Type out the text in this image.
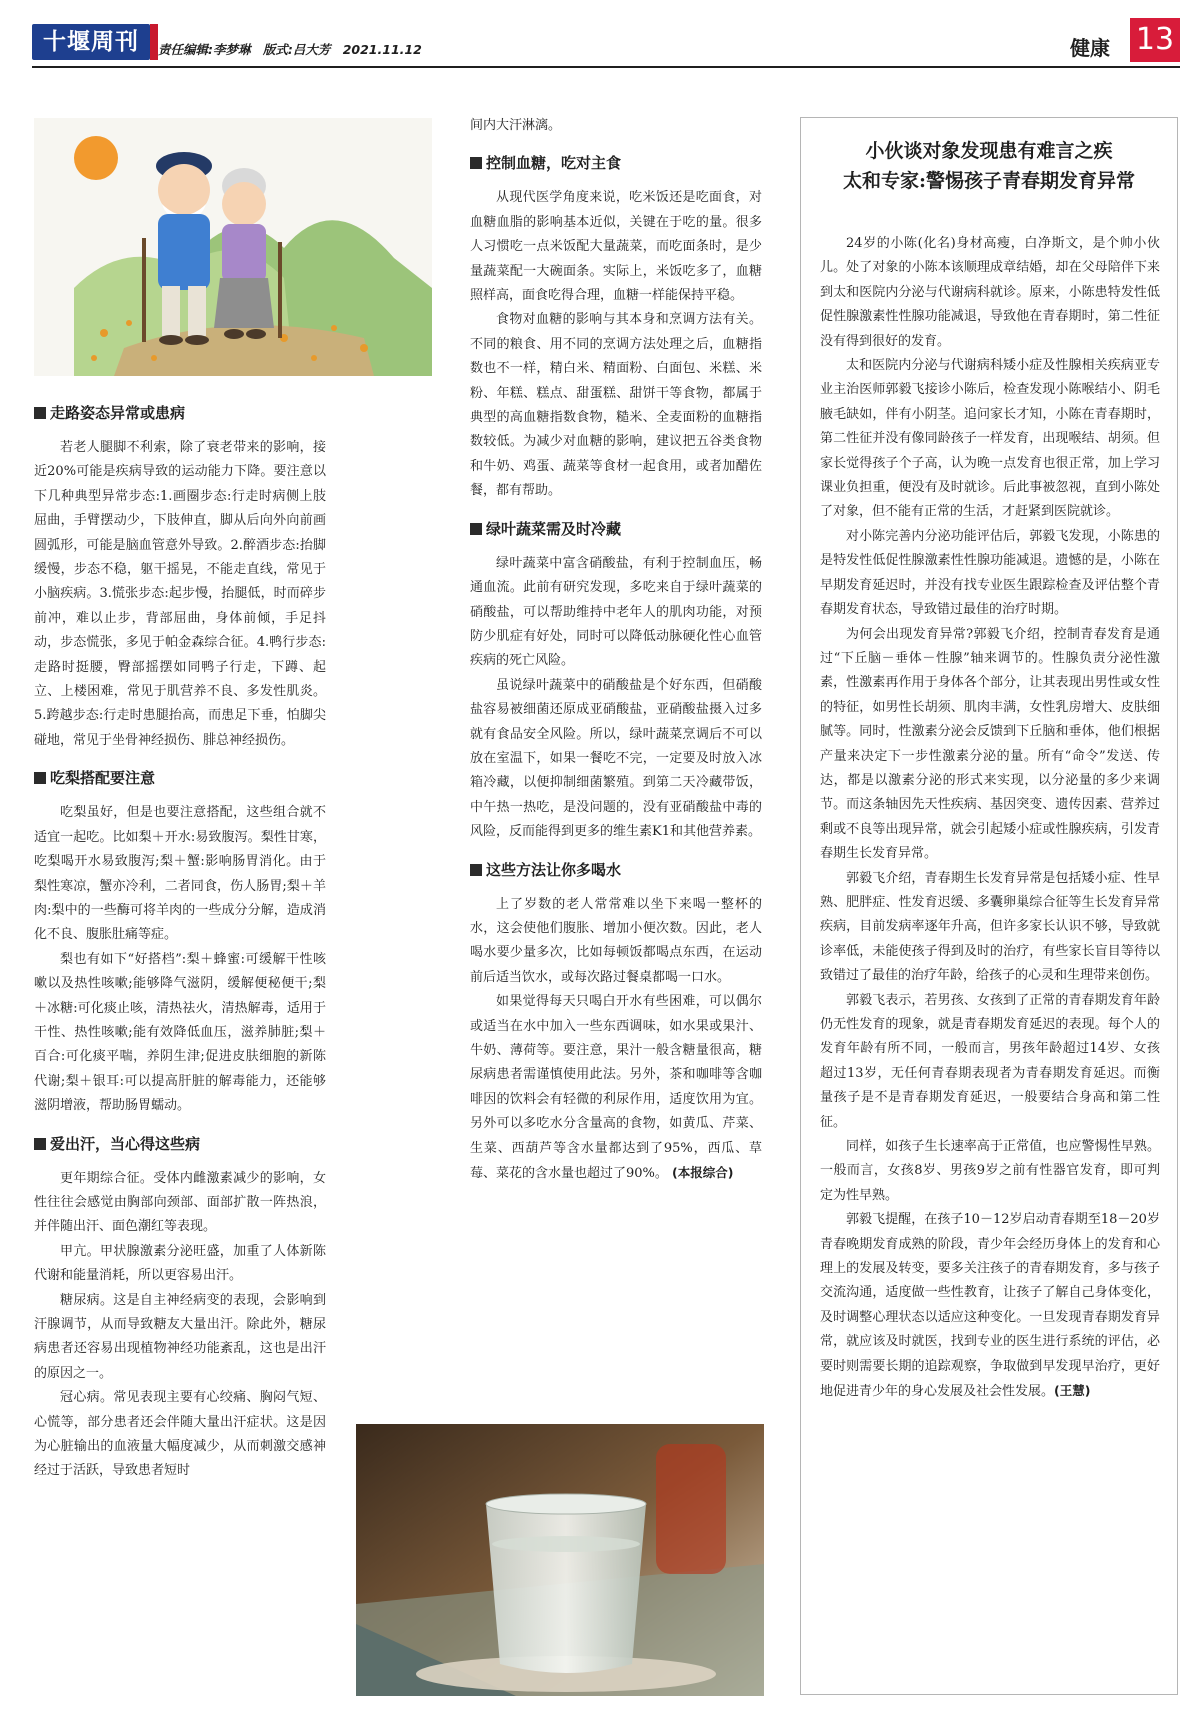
十堰周刊	责任编辑:李梦琳 版式:吕大芳 2021.11.12	健康 13
走路姿态异常或患病

若老人腿脚不利索，除了衰老带来的影响，接近20%可能是疾病导致的运动能力下降。要注意以下几种典型异常步态:1.画圈步态:行走时病侧上肢屈曲，手臂摆动少，下肢伸直，脚从后向外向前画圆弧形，可能是脑血管意外导致。2.醉酒步态:抬脚缓慢，步态不稳，躯干摇晃，不能走直线，常见于小脑疾病。3.慌张步态:起步慢，抬腿低，时而碎步前冲，难以止步，背部屈曲，身体前倾，手足抖动，步态慌张，多见于帕金森综合征。4.鸭行步态:走路时挺腰，臀部摇摆如同鸭子行走，下蹲、起立、上楼困难，常见于肌营养不良、多发性肌炎。5.跨越步态:行走时患腿抬高，而患足下垂，怕脚尖碰地，常见于坐骨神经损伤、腓总神经损伤。

吃梨搭配要注意

吃梨虽好，但是也要注意搭配，这些组合就不适宜一起吃。比如梨＋开水:易致腹泻。梨性甘寒，吃梨喝开水易致腹泻;梨＋蟹:影响肠胃消化。由于梨性寒凉，蟹亦冷利，二者同食，伤人肠胃;梨＋羊肉:梨中的一些酶可将羊肉的一些成分分解，造成消化不良、腹胀肚痛等症。

梨也有如下“好搭档”:梨＋蜂蜜:可缓解干性咳嗽以及热性咳嗽;能够降气滋阴，缓解便秘便干;梨＋冰糖:可化痰止咳，清热祛火，清热解毒，适用于干性、热性咳嗽;能有效降低血压，滋养肺脏;梨＋百合:可化痰平喘，养阴生津;促进皮肤细胞的新陈代谢;梨＋银耳:可以提高肝脏的解毒能力，还能够滋阴增液，帮助肠胃蠕动。

爱出汗，当心得这些病

更年期综合征。受体内雌激素减少的影响，女性往往会感觉由胸部向颈部、面部扩散一阵热浪，并伴随出汗、面色潮红等表现。

甲亢。甲状腺激素分泌旺盛，加重了人体新陈代谢和能量消耗，所以更容易出汗。

糖尿病。这是自主神经病变的表现，会影响到汗腺调节，从而导致糖友大量出汗。除此外，糖尿病患者还容易出现植物神经功能紊乱，这也是出汗的原因之一。

冠心病。常见表现主要有心绞痛、胸闷气短、心慌等，部分患者还会伴随大量出汗症状。这是因为心脏输出的血液量大幅度减少，从而刺激交感神经过于活跃，导致患者短时

间内大汗淋漓。

控制血糖，吃对主食

从现代医学角度来说，吃米饭还是吃面食，对血糖血脂的影响基本近似，关键在于吃的量。很多人习惯吃一点米饭配大量蔬菜，而吃面条时，是少量蔬菜配一大碗面条。实际上，米饭吃多了，血糖照样高，面食吃得合理，血糖一样能保持平稳。

食物对血糖的影响与其本身和烹调方法有关。不同的粮食、用不同的烹调方法处理之后，血糖指数也不一样，精白米、精面粉、白面包、米糕、米粉、年糕、糕点、甜蛋糕、甜饼干等食物，都属于典型的高血糖指数食物，糙米、全麦面粉的血糖指数较低。为减少对血糖的影响，建议把五谷类食物和牛奶、鸡蛋、蔬菜等食材一起食用，或者加醋佐餐，都有帮助。

绿叶蔬菜需及时冷藏

绿叶蔬菜中富含硝酸盐，有利于控制血压，畅通血流。此前有研究发现，多吃来自于绿叶蔬菜的硝酸盐，可以帮助维持中老年人的肌肉功能，对预防少肌症有好处，同时可以降低动脉硬化性心血管疾病的死亡风险。

虽说绿叶蔬菜中的硝酸盐是个好东西，但硝酸盐容易被细菌还原成亚硝酸盐，亚硝酸盐摄入过多就有食品安全风险。所以，绿叶蔬菜烹调后不可以放在室温下，如果一餐吃不完，一定要及时放入冰箱冷藏，以便抑制细菌繁殖。到第二天冷藏带饭，中午热一热吃，是没问题的，没有亚硝酸盐中毒的风险，反而能得到更多的维生素K1和其他营养素。

这些方法让你多喝水

上了岁数的老人常常难以坐下来喝一整杯的水，这会使他们腹胀、增加小便次数。因此，老人喝水要少量多次，比如每顿饭都喝点东西，在运动前后适当饮水，或每次路过餐桌都喝一口水。

如果觉得每天只喝白开水有些困难，可以偶尔或适当在水中加入一些东西调味，如水果或果汁、牛奶、薄荷等。要注意，果汁一般含糖量很高，糖尿病患者需谨慎使用此法。另外，茶和咖啡等含咖啡因的饮料会有轻微的利尿作用，适度饮用为宜。另外可以多吃水分含量高的食物，如黄瓜、芹菜、生菜、西葫芦等含水量都达到了95%，西瓜、草莓、菜花的含水量也超过了90%。 (本报综合)

小伙谈对象发现患有难言之疾
太和专家:警惕孩子青春期发育异常

24岁的小陈(化名)身材高瘦，白净斯文，是个帅小伙儿。处了对象的小陈本该顺理成章结婚，却在父母陪伴下来到太和医院内分泌与代谢病科就诊。原来，小陈患特发性低促性腺激素性性腺功能减退，导致他在青春期时，第二性征没有得到很好的发育。

太和医院内分泌与代谢病科矮小症及性腺相关疾病亚专业主治医师郭毅飞接诊小陈后，检查发现小陈喉结小、阴毛腋毛缺如，伴有小阴茎。追问家长才知，小陈在青春期时，第二性征并没有像同龄孩子一样发育，出现喉结、胡须。但家长觉得孩子个子高，认为晚一点发育也很正常，加上学习课业负担重，便没有及时就诊。后此事被忽视，直到小陈处了对象，但不能有正常的生活，才赶紧到医院就诊。

对小陈完善内分泌功能评估后，郭毅飞发现，小陈患的是特发性低促性腺激素性性腺功能减退。遗憾的是，小陈在早期发育延迟时，并没有找专业医生跟踪检查及评估整个青春期发育状态，导致错过最佳的治疗时期。

为何会出现发育异常?郭毅飞介绍，控制青春发育是通过“下丘脑－垂体－性腺”轴来调节的。性腺负责分泌性激素，性激素再作用于身体各个部分，让其表现出男性或女性的特征，如男性长胡须、肌肉丰满，女性乳房增大、皮肤细腻等。同时，性激素分泌会反馈到下丘脑和垂体，他们根据产量来决定下一步性激素分泌的量。所有“命令”发送、传达，都是以激素分泌的形式来实现，以分泌量的多少来调节。而这条轴因先天性疾病、基因突变、遗传因素、营养过剩或不良等出现异常，就会引起矮小症或性腺疾病，引发青春期生长发育异常。

郭毅飞介绍，青春期生长发育异常是包括矮小症、性早熟、肥胖症、性发育迟缓、多囊卵巢综合征等生长发育异常疾病，目前发病率逐年升高，但许多家长认识不够，导致就诊率低，未能使孩子得到及时的治疗，有些家长盲目等待以致错过了最佳的治疗年龄，给孩子的心灵和生理带来创伤。

郭毅飞表示，若男孩、女孩到了正常的青春期发育年龄仍无性发育的现象，就是青春期发育延迟的表现。每个人的发育年龄有所不同，一般而言，男孩年龄超过14岁、女孩超过13岁，无任何青春期表现者为青春期发育延迟。而衡量孩子是不是青春期发育延迟，一般要结合身高和第二性征。

同样，如孩子生长速率高于正常值，也应警惕性早熟。一般而言，女孩8岁、男孩9岁之前有性器官发育，即可判定为性早熟。

郭毅飞提醒，在孩子10－12岁启动青春期至18－20岁青春晚期发育成熟的阶段，青少年会经历身体上的发育和心理上的发展及转变，要多关注孩子的青春期发育，多与孩子交流沟通，适度做一些性教育，让孩子了解自己身体变化，及时调整心理状态以适应这种变化。一旦发现青春期发育异常，就应该及时就医，找到专业的医生进行系统的评估，必要时则需要长期的追踪观察，争取做到早发现早治疗，更好地促进青少年的身心发展及社会性发展。(王慧)
